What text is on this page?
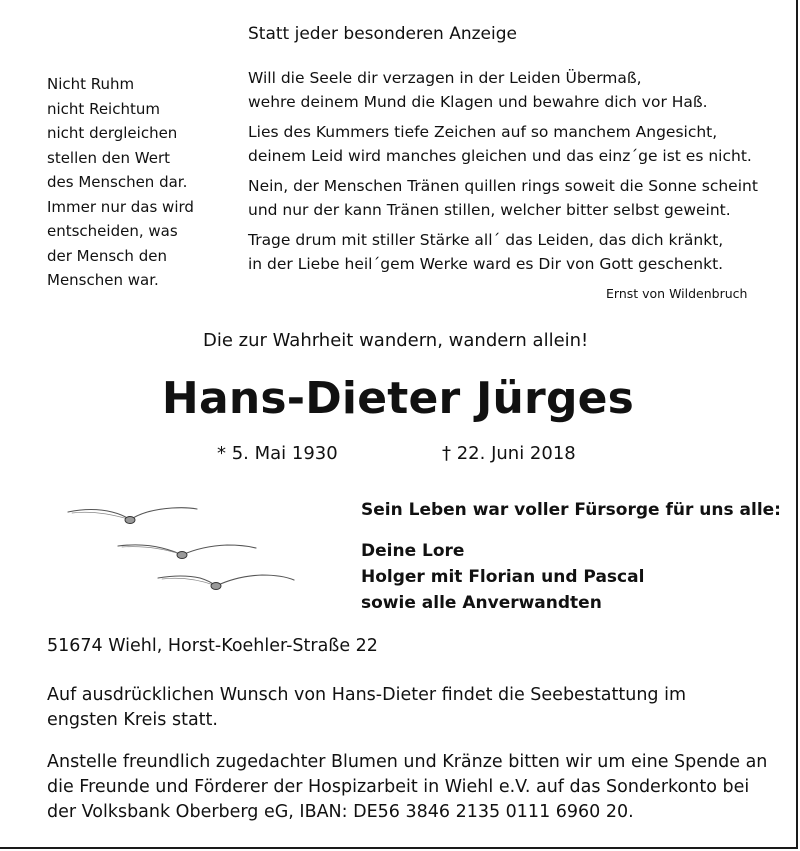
Statt jeder besonderen Anzeige
Nicht Ruhm
nicht Reichtum
nicht dergleichen
stellen den Wert
des Menschen dar.
Immer nur das wird
entscheiden, was
der Mensch den
Menschen war.
Will die Seele dir verzagen in der Leiden Übermaß,
wehre deinem Mund die Klagen und bewahre dich vor Haß.
Lies des Kummers tiefe Zeichen auf so manchem Angesicht,
deinem Leid wird manches gleichen und das einz´ge ist es nicht.
Nein, der Menschen Tränen quillen rings soweit die Sonne scheint
und nur der kann Tränen stillen, welcher bitter selbst geweint.
Trage drum mit stiller Stärke all´ das Leiden, das dich kränkt,
in der Liebe heil´gem Werke ward es Dir von Gott geschenkt.
Ernst von Wildenbruch
Die zur Wahrheit wandern, wandern allein!
Hans-Dieter Jürges
* 5. Mai 1930	† 22. Juni 2018
Sein Leben war voller Fürsorge für uns alle:
Deine Lore
Holger mit Florian und Pascal
sowie alle Anverwandten
51674 Wiehl, Horst-Koehler-Straße 22
Auf ausdrücklichen Wunsch von Hans-Dieter findet die Seebestattung im
engsten Kreis statt.
Anstelle freundlich zugedachter Blumen und Kränze bitten wir um eine Spende an
die Freunde und Förderer der Hospizarbeit in Wiehl e.V. auf das Sonderkonto bei
der Volksbank Oberberg eG, IBAN: DE56 3846 2135 0111 6960 20.
